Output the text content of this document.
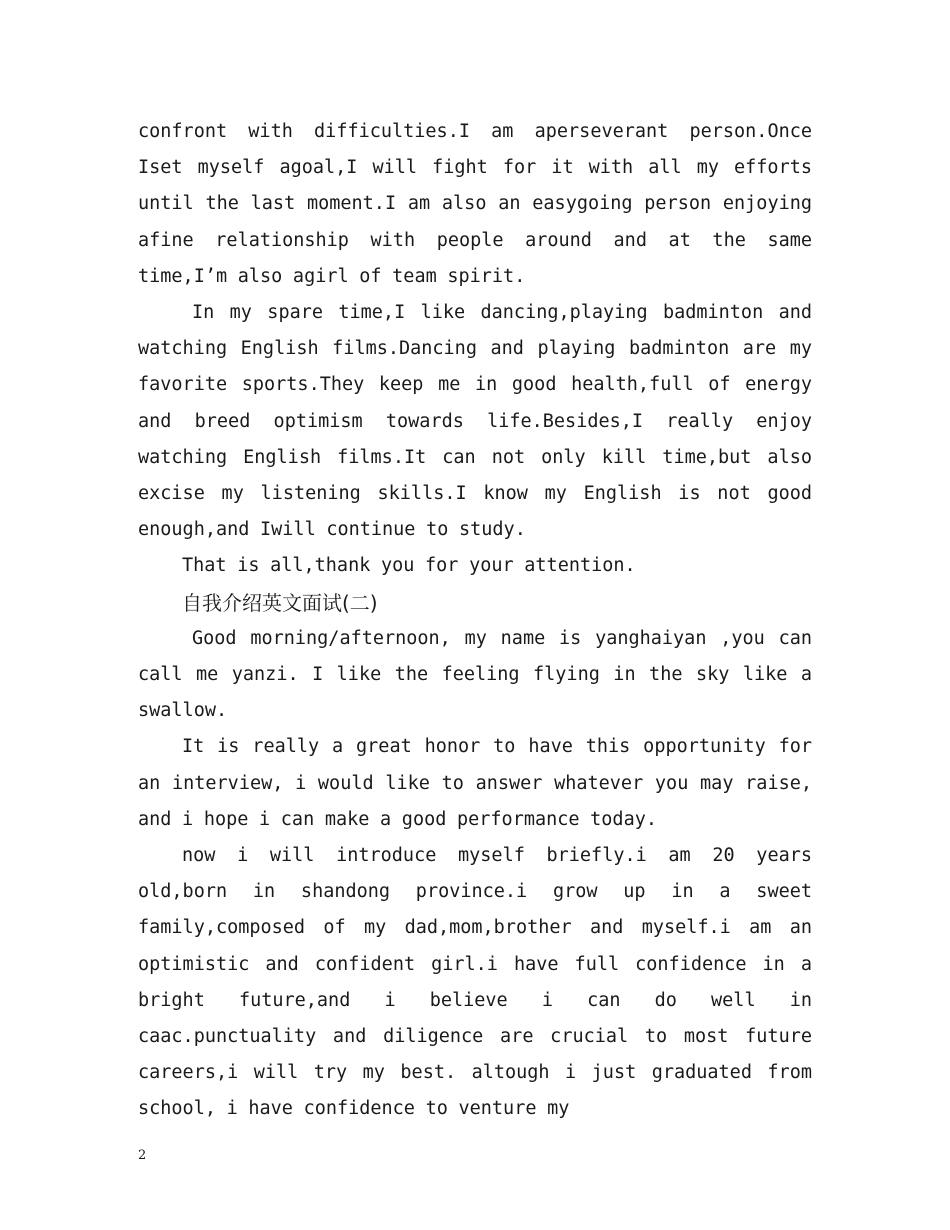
confront with difficulties.I am aperseverant person.Once Iset myself agoal,I will fight for it with all my efforts until the last moment.I am also an easygoing person enjoying afine relationship with people around and at the same time,I’m also agirl of team spirit.

In my spare time,I like dancing,playing badminton and watching English films.Dancing and playing badminton are my favorite sports.They keep me in good health,full of energy and breed optimism towards life.Besides,I really enjoy watching English films.It can not only kill time,but also excise my listening skills.I know my English is not good enough,and Iwill continue to study.

That is all,thank you for your attention.

自我介绍英文面试(二)

Good morning/afternoon, my name is yanghaiyan ,you can call me yanzi. I like the feeling flying in the sky like a swallow.

It is really a great honor to have this opportunity for an interview, i would like to answer whatever you may raise, and i hope i can make a good performance today.

now i will introduce myself briefly.i am 20 years old,born in shandong province.i grow up in a sweet family,composed of my dad,mom,brother and myself.i am an optimistic and confident girl.i have full confidence in a bright future,and i believe i can do well in caac.punctuality and diligence are crucial to most future careers,i will try my best. altough i just graduated from school, i have confidence to venture my

2
